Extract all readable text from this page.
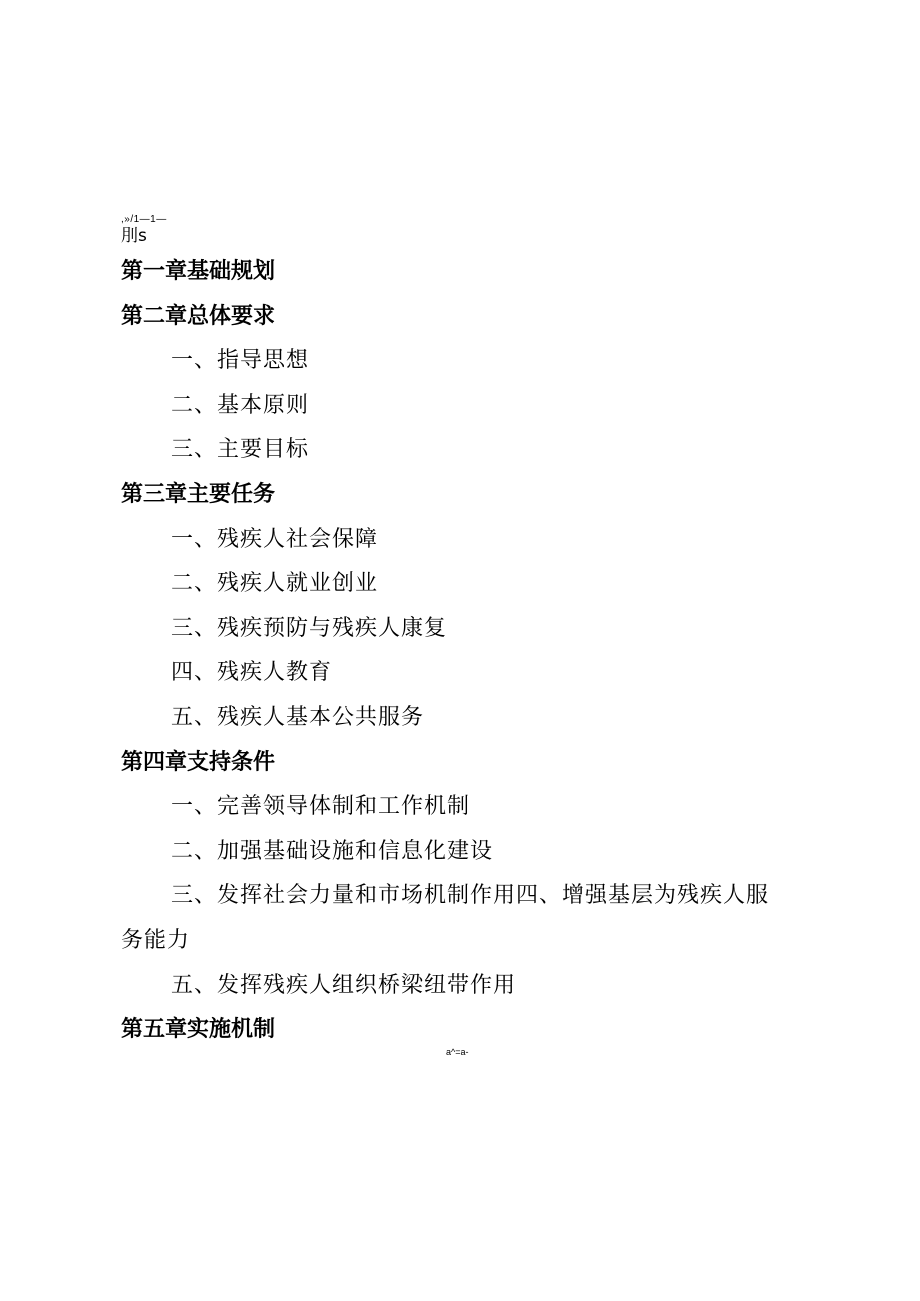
,»/1—1—
刖s
第一章基础规划
第二章总体要求
一、指导思想
二、基本原则
三、主要目标
第三章主要任务
一、残疾人社会保障
二、残疾人就业创业
三、残疾预防与残疾人康复
四、残疾人教育
五、残疾人基本公共服务
第四章支持条件
一、完善领导体制和工作机制
二、加强基础设施和信息化建设
三、发挥社会力量和市场机制作用四、增强基层为残疾人服
务能力
五、发挥残疾人组织桥梁纽带作用
第五章实施机制
a^=a-
